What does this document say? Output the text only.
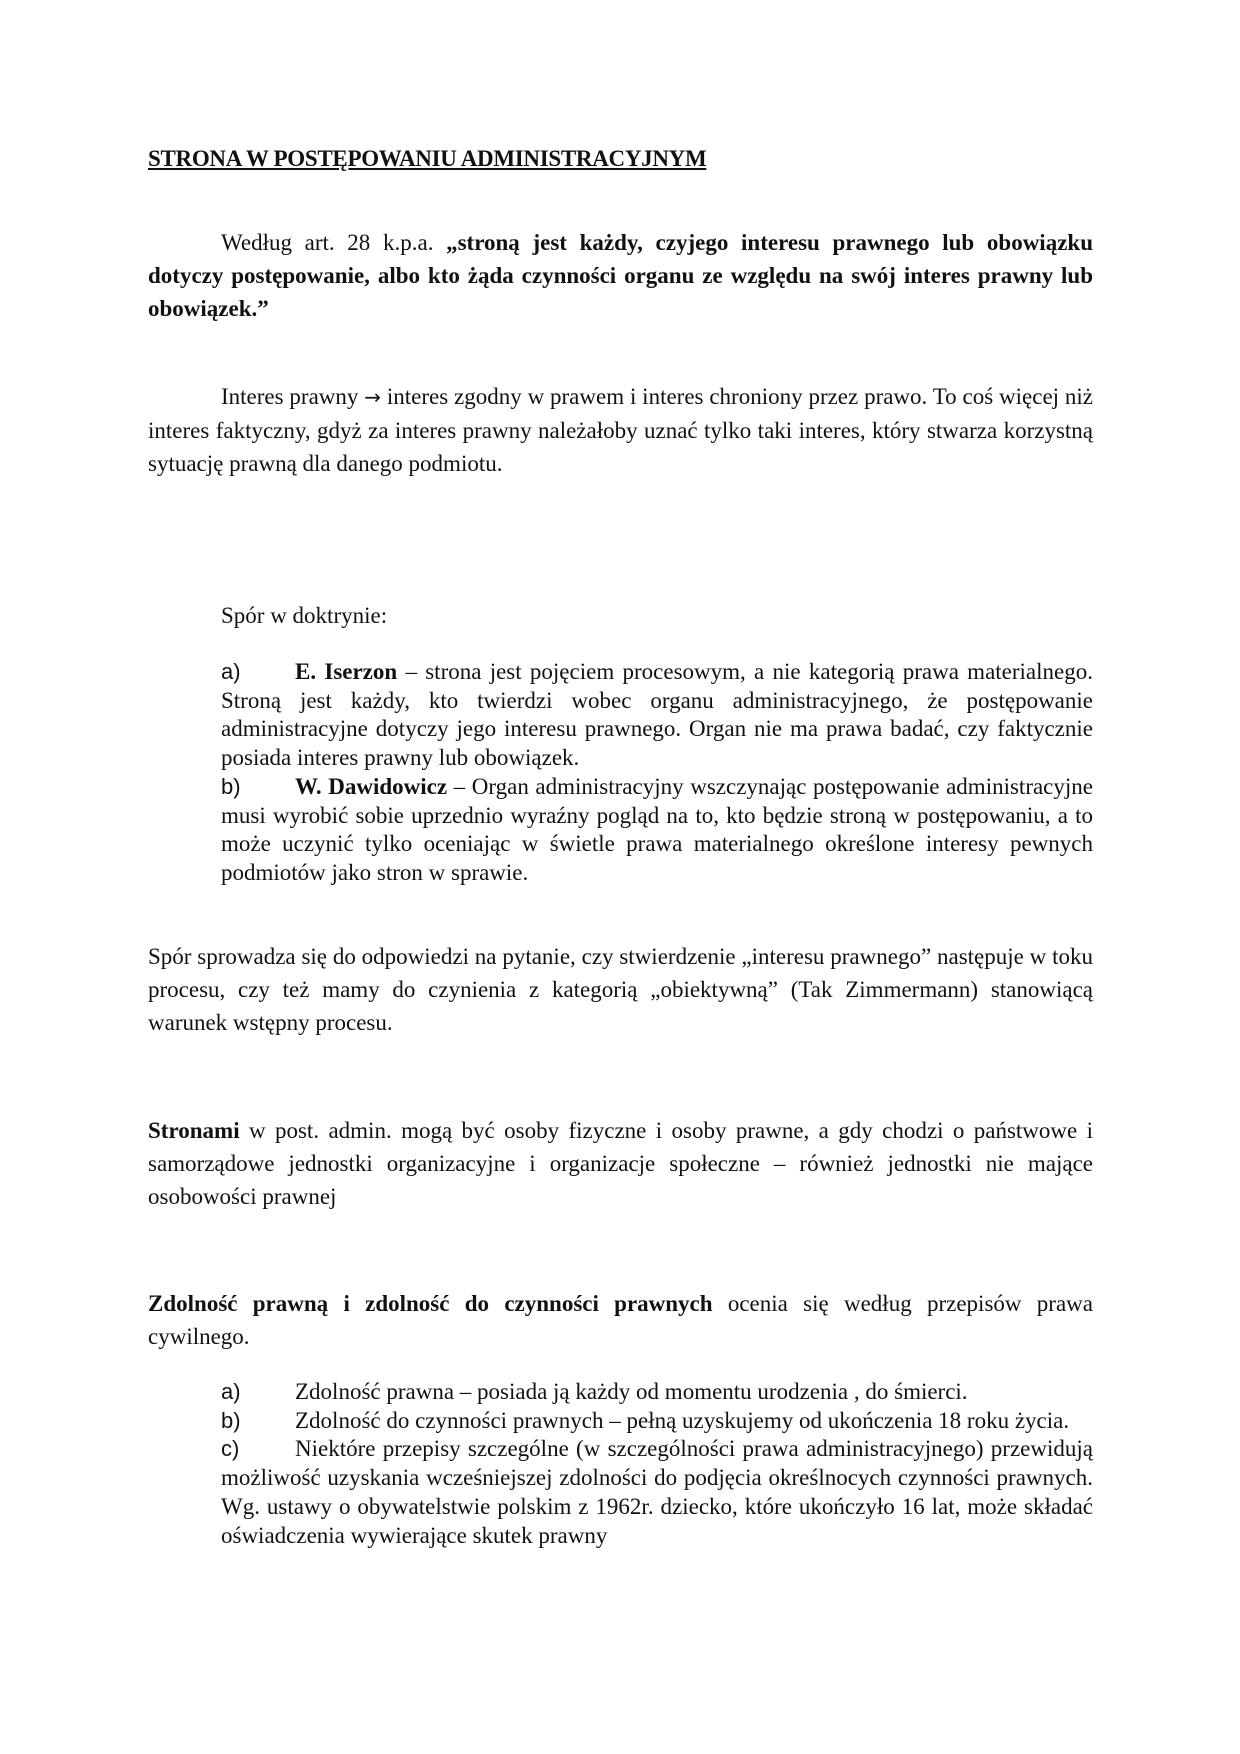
STRONA W POSTĘPOWANIU ADMINISTRACYJNYM

Według art. 28 k.p.a. „stroną jest każdy, czyjego interesu prawnego lub obowiązku dotyczy postępowanie, albo kto żąda czynności organu ze względu na swój interes prawny lub obowiązek.”

Interes prawny → interes zgodny w prawem i interes chroniony przez prawo. To coś więcej niż interes faktyczny, gdyż za interes prawny należałoby uznać tylko taki interes, który stwarza korzystną sytuację prawną dla danego podmiotu.

Spór w doktrynie:

a) E. Iserzon – strona jest pojęciem procesowym, a nie kategorią prawa materialnego. Stroną jest każdy, kto twierdzi wobec organu administracyjnego, że postępowanie administracyjne dotyczy jego interesu prawnego. Organ nie ma prawa badać, czy faktycznie posiada interes prawny lub obowiązek.

b) W. Dawidowicz – Organ administracyjny wszczynając postępowanie administracyjne musi wyrobić sobie uprzednio wyraźny pogląd na to, kto będzie stroną w postępowaniu, a to może uczynić tylko oceniając w świetle prawa materialnego określone interesy pewnych podmiotów jako stron w sprawie.

Spór sprowadza się do odpowiedzi na pytanie, czy stwierdzenie „interesu prawnego” następuje w toku procesu, czy też mamy do czynienia z kategorią „obiektywną” (Tak Zimmermann) stanowiącą warunek wstępny procesu.

Stronami w post. admin. mogą być osoby fizyczne i osoby prawne, a gdy chodzi o państwowe i samorządowe jednostki organizacyjne i organizacje społeczne – również jednostki nie mające osobowości prawnej

Zdolność prawną i zdolność do czynności prawnych ocenia się według przepisów prawa cywilnego.

a) Zdolność prawna – posiada ją każdy od momentu urodzenia , do śmierci.

b) Zdolność do czynności prawnych – pełną uzyskujemy od ukończenia 18 roku życia.

c) Niektóre przepisy szczególne (w szczególności prawa administracyjnego) przewidują możliwość uzyskania wcześniejszej zdolności do podjęcia określnocych czynności prawnych. Wg. ustawy o obywatelstwie polskim z 1962r. dziecko, które ukończyło 16 lat, może składać oświadczenia wywierające skutek prawny
